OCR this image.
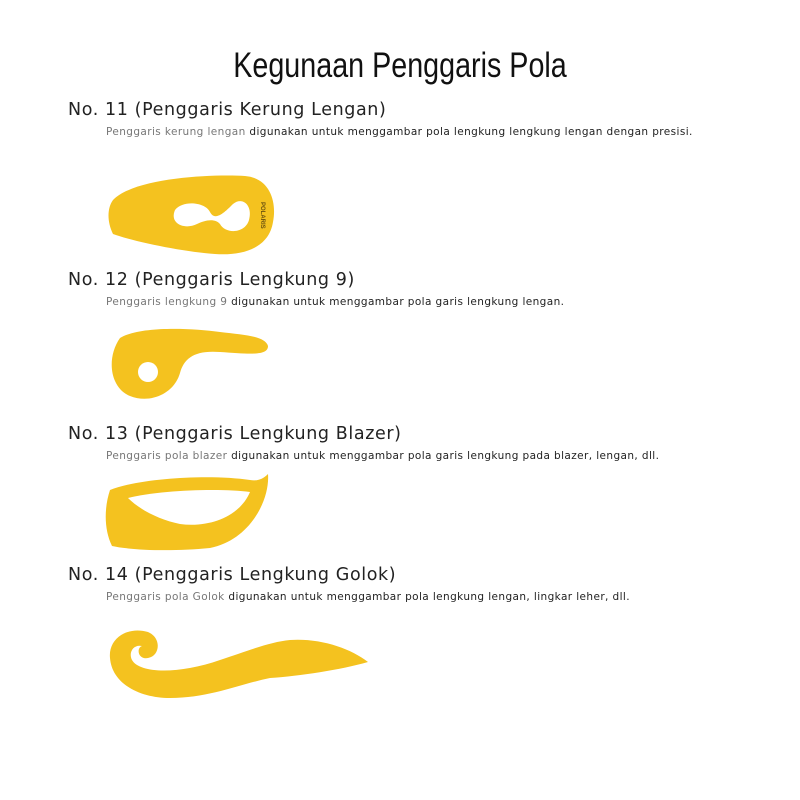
Kegunaan Penggaris Pola
No. 11 (Penggaris Kerung Lengan)

Penggaris kerung lengan digunakan untuk menggambar pola lengkung lengkung lengan dengan presisi.

POLARIS
No. 12 (Penggaris Lengkung 9)

Penggaris lengkung 9 digunakan untuk menggambar pola garis lengkung lengan.

No. 13 (Penggaris Lengkung Blazer)

Penggaris pola blazer digunakan untuk menggambar pola garis lengkung pada blazer, lengan, dll.

No. 14 (Penggaris Lengkung Golok)

Penggaris pola Golok digunakan untuk menggambar pola lengkung lengan, lingkar leher, dll.
